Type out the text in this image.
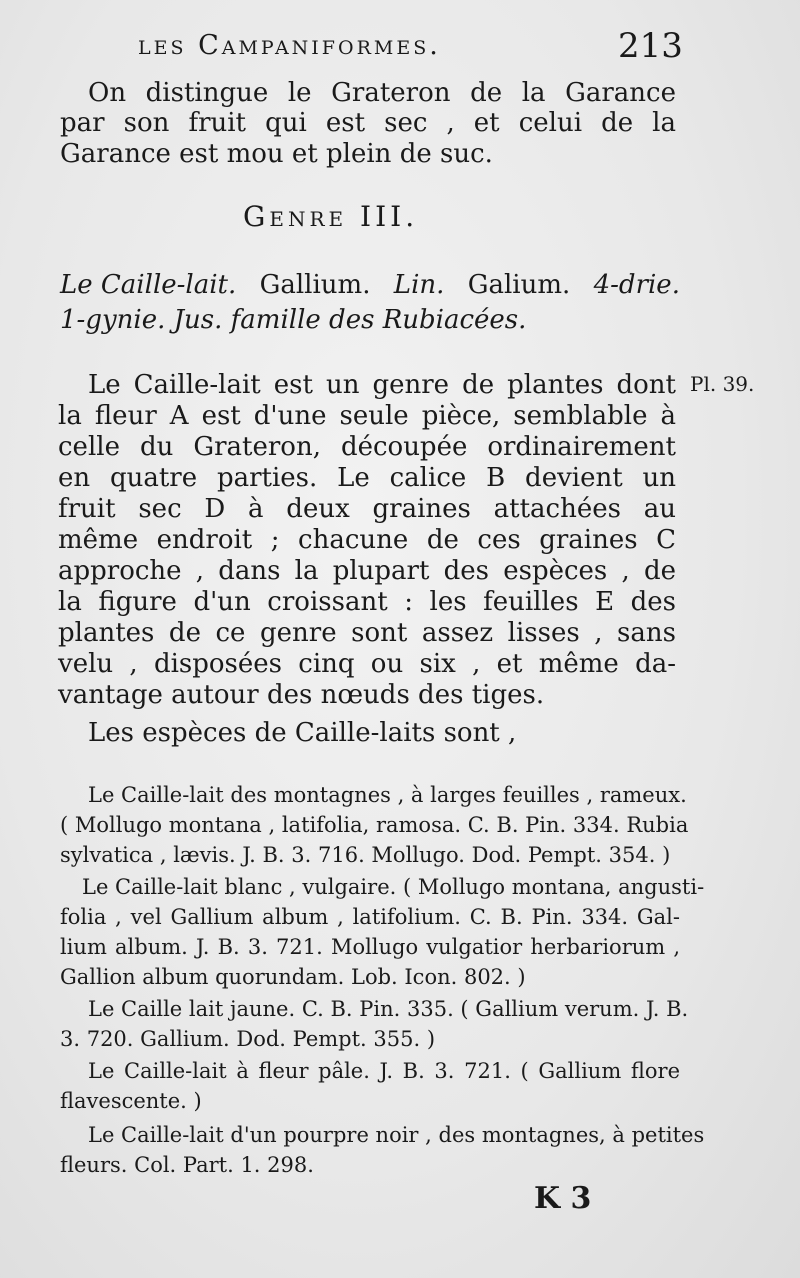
les Campaniformes.	213
On distingue le Grateron de la Garance
par son fruit qui est sec , et celui de la
Garance est mou et plein de suc.
Genre III.
Le Caille-lait. Gallium. Lin. Galium. 4-drie.
1-gynie. Jus. famille des Rubiacées.
Pl. 39.
Le Caille-lait est un genre de plantes dont
la fleur A est d'une seule pièce, semblable à
celle du Grateron, découpée ordinairement
en quatre parties. Le calice B devient un
fruit sec D à deux graines attachées au
même endroit ; chacune de ces graines C
approche , dans la plupart des espèces , de
la figure d'un croissant : les feuilles E des
plantes de ce genre sont assez lisses , sans
velu , disposées cinq ou six , et même da-
vantage autour des nœuds des tiges.
Les espèces de Caille-laits sont ,
Le Caille-lait des montagnes , à larges feuilles , rameux.
( Mollugo montana , latifolia, ramosa. C. B. Pin. 334. Rubia
sylvatica , lævis. J. B. 3. 716. Mollugo. Dod. Pempt. 354. )
Le Caille-lait blanc , vulgaire. ( Mollugo montana, angusti-
folia , vel Gallium album , latifolium. C. B. Pin. 334. Gal-
lium album. J. B. 3. 721. Mollugo vulgatior herbariorum ,
Gallion album quorundam. Lob. Icon. 802. )
Le Caille lait jaune. C. B. Pin. 335. ( Gallium verum. J. B.
3. 720. Gallium. Dod. Pempt. 355. )
Le Caille-lait à fleur pâle. J. B. 3. 721. ( Gallium flore
flavescente. )
Le Caille-lait d'un pourpre noir , des montagnes, à petites
fleurs. Col. Part. 1. 298.
K 3
